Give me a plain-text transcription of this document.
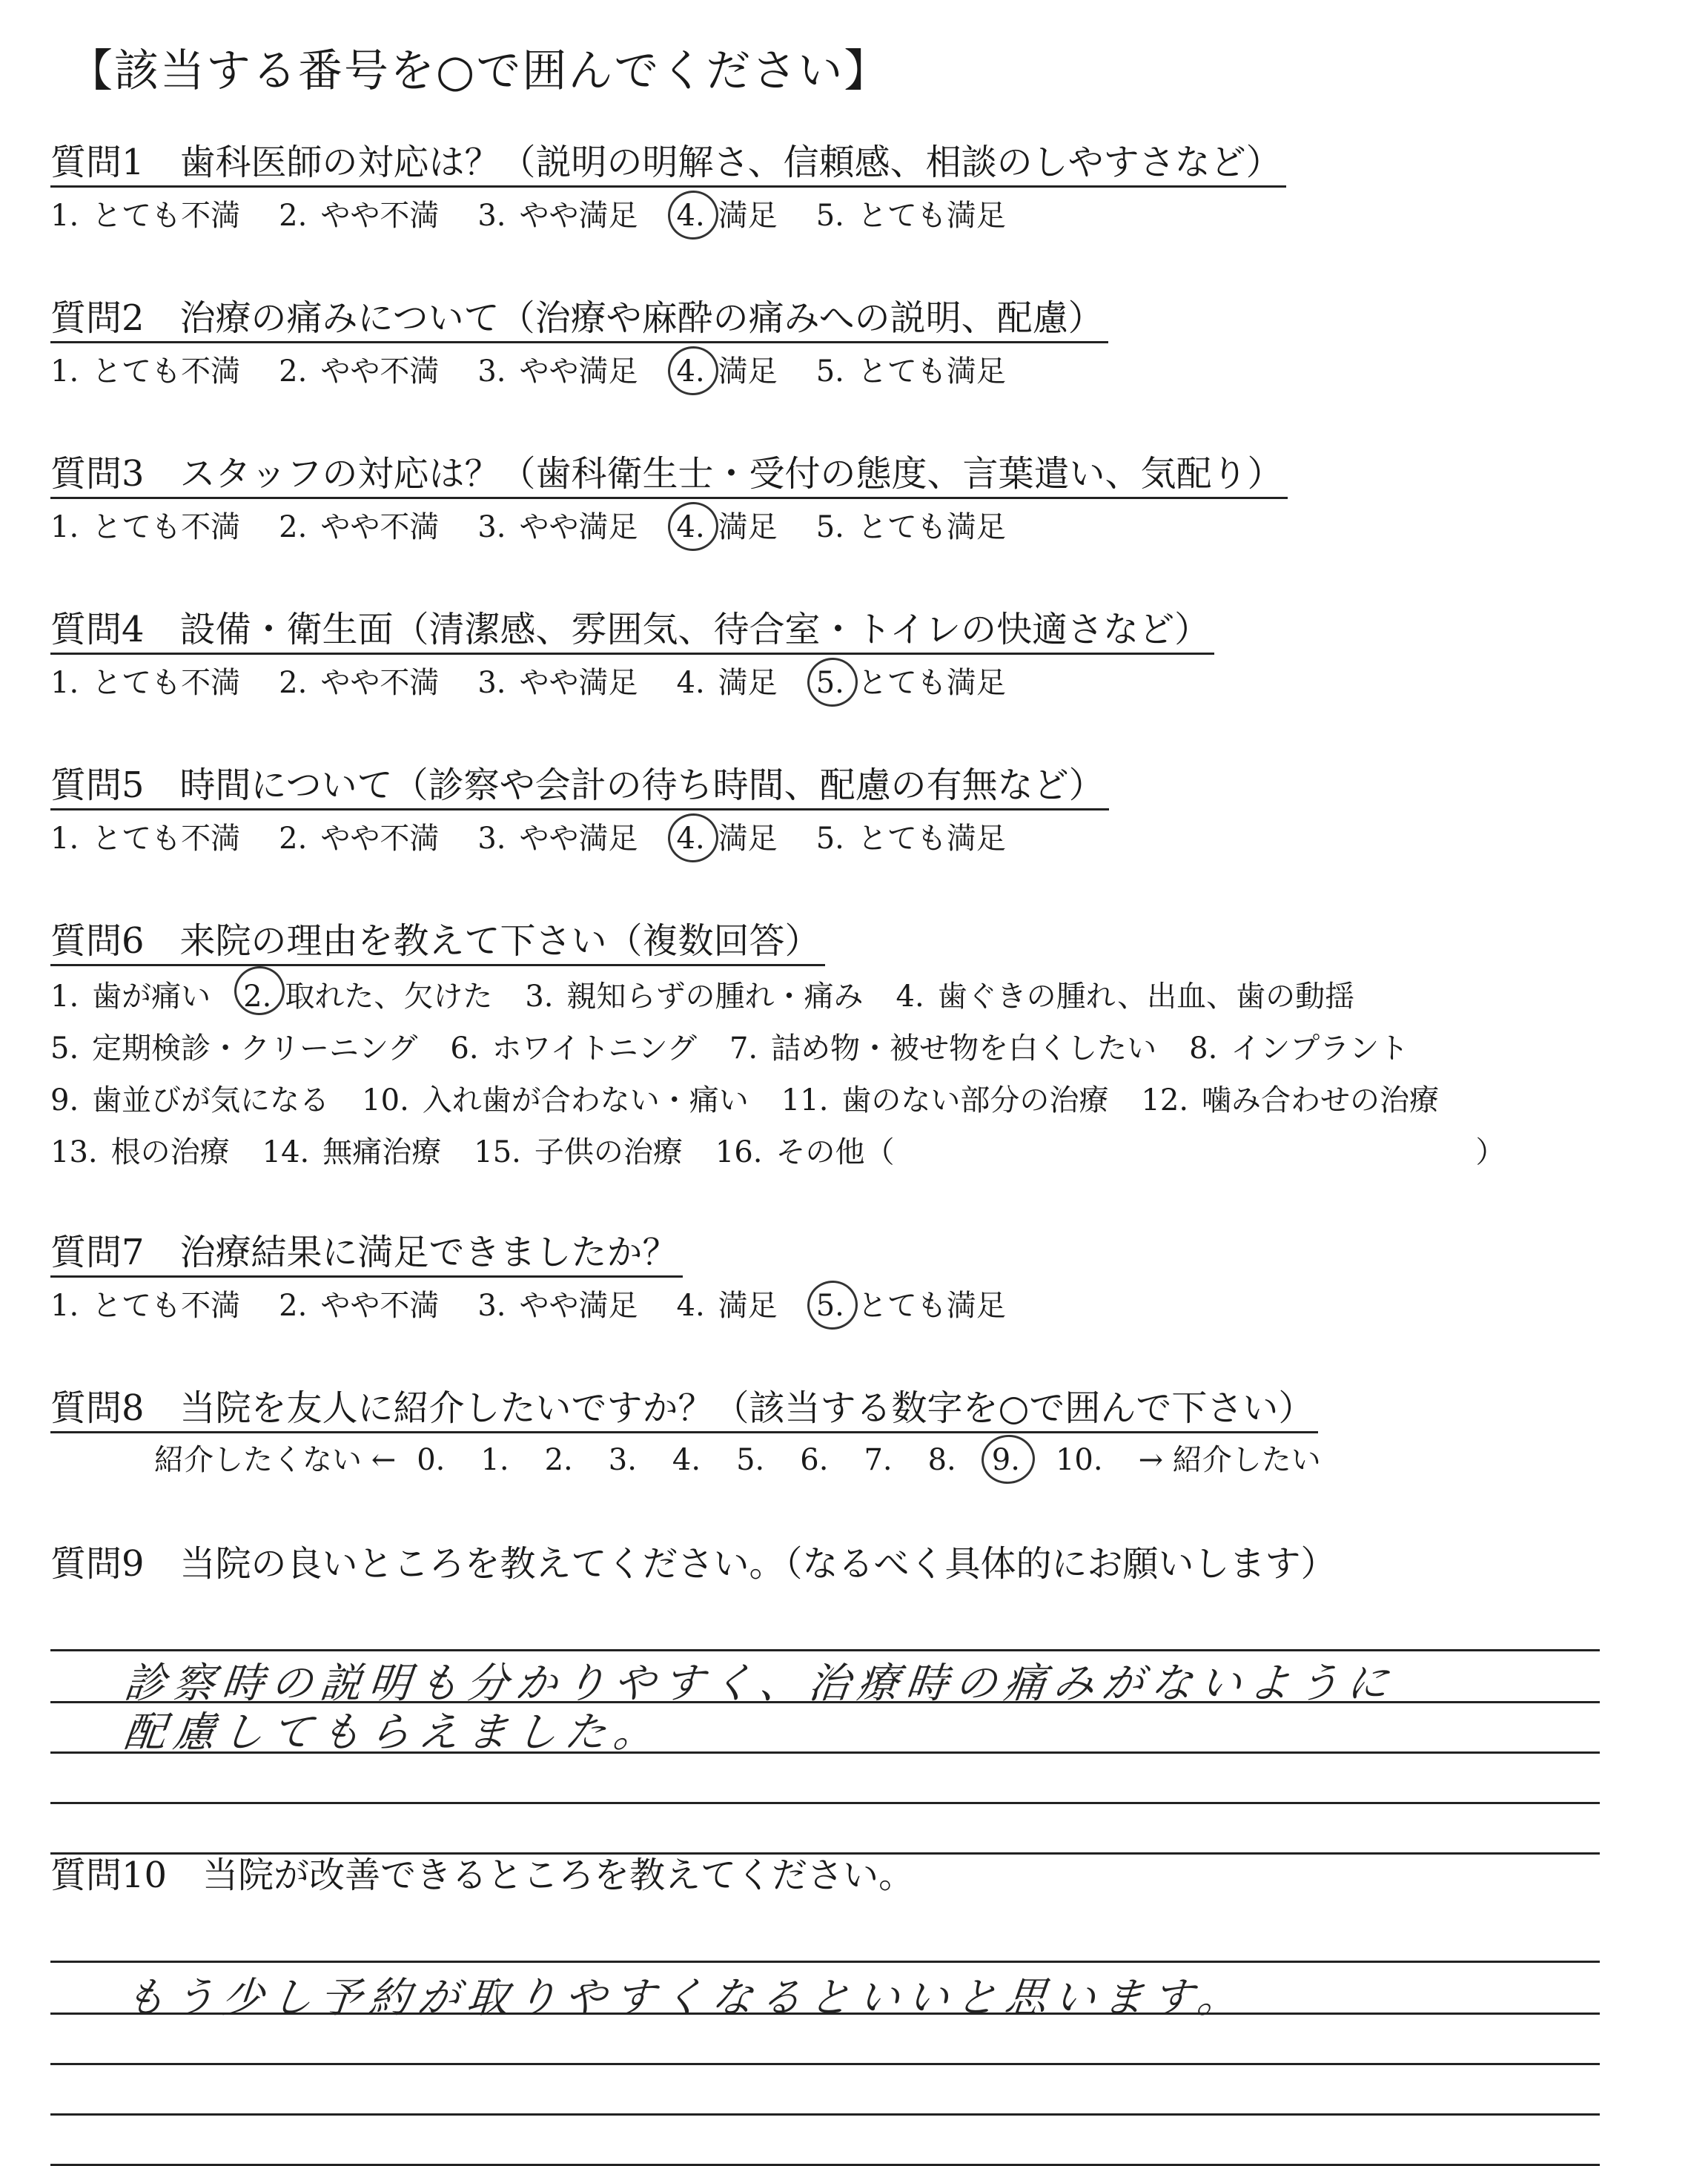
【該当する番号を○で囲んでください】
質問1 歯科医師の対応は？（説明の明解さ、信頼感、相談のしやすさなど）
1. とても不満 2. やや不満 3. やや満足 4. 満足 5. とても満足
質問2 治療の痛みについて（治療や麻酔の痛みへの説明、配慮）
1. とても不満 2. やや不満 3. やや満足 4. 満足 5. とても満足
質問3 スタッフの対応は？（歯科衛生士・受付の態度、言葉遣い、気配り）
1. とても不満 2. やや不満 3. やや満足 4. 満足 5. とても満足
質問4 設備・衛生面（清潔感、雰囲気、待合室・トイレの快適さなど）
1. とても不満 2. やや不満 3. やや満足 4. 満足 5. とても満足
質問5 時間について（診察や会計の待ち時間、配慮の有無など）
1. とても不満 2. やや不満 3. やや満足 4. 満足 5. とても満足
質問6 来院の理由を教えて下さい（複数回答）
1. 歯が痛い 2. 取れた、欠けた 3. 親知らずの腫れ・痛み 4. 歯ぐきの腫れ、出血、歯の動揺
5. 定期検診・クリーニング 6. ホワイトニング 7. 詰め物・被せ物を白くしたい 8. インプラント
9. 歯並びが気になる 10. 入れ歯が合わない・痛い 11. 歯のない部分の治療 12. 噛み合わせの治療
13. 根の治療 14. 無痛治療 15. 子供の治療 16. その他（	）
質問7 治療結果に満足できましたか？
1. とても不満 2. やや不満 3. やや満足 4. 満足 5. とても満足
質問8 当院を友人に紹介したいですか？（該当する数字を○で囲んで下さい）
紹介したくない ← 0. 1. 2. 3. 4. 5. 6. 7. 8. 9. 10. → 紹介したい
質問9 当院の良いところを教えてください。（なるべく具体的にお願いします）
診察時の説明も分かりやすく、治療時の痛みがないように
配慮してもらえました。
質問10 当院が改善できるところを教えてください。
もう少し予約が取りやすくなるといいと思います。
